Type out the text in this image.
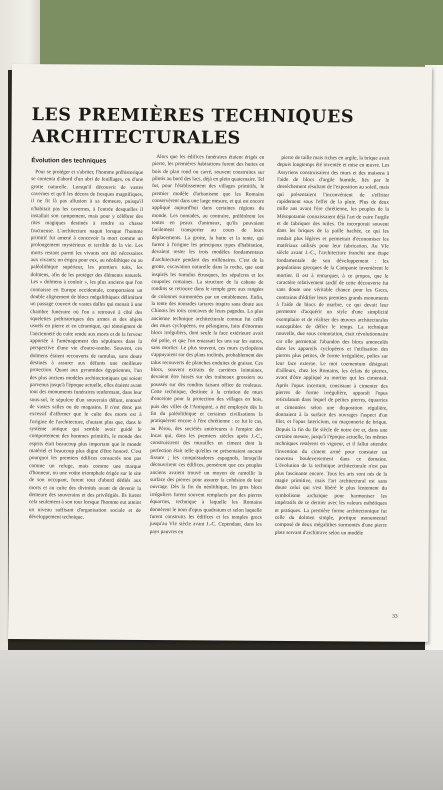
LES PREMIÈRES TECHNIQUES ARCHITECTURALES
Évolution des techniques

Pour se protéger et s'abriter, l'homme préhistorique se contenta d'abord d'un abri de feuillages, ou d'une grotte naturelle. Lorsqu'il découvrit de vastes cavernes et qu'il les décora de fresques magnifiques, il ne fit là pas allusion à sa demeure, puisqu'il n'habitait pas les cavernes, à l'entrée desquelles il installait son campement, mais pour y célébrer des rites magiques destinés à rendre sa chasse fructueuse. L'architecture naquit lorsque l'homme primitif fut amené à concevoir la mort comme un prolongement mystérieux et terrible de la vie. Les morts restant parmi les vivants ont été nécessaires aux vivants; on érigea pour eux, au néolithique ou au paléolithique supérieur, les premiers tuits, les dolmens, afin de les protéger des éléments naturels. Les « dolmens à couloir », les plus anciens que l'on connaisse en Europe occidentale, comportaient un double alignement de blocs mégalithiques délimitant un passage couvert de vastes dalles qui menait à une chambre funéraire où l'on a retrouvé à côté des squelettes préhistoriques des armes et des objets usuels en pierre et en céramique, qui témoignent de l'ancienneté du culte rendu aux morts et de la ferveur apportée à l'aménagement des sépultures dans la perspective d'une vie d'outre-tombe. Souvent, ces dolmens étaient recouverts de tumulus, sans doute destinés à assurer aux défunts une meilleure protection. Quant aux pyramides égyptiennes, l'un des plus anciens modèles architectoniques qui soient parvenus jusqu'à l'époque actuelle, elles étaient avant tout des monuments funéraires renfermant, dans leur sous-sol, le sépulcre d'un souverain défunt, entouré de vastes salles ou de magasins. Il n'est donc pas excessif d'affirmer que le culte des morts est à l'origine de l'architecture, d'autant plus que, dans le système antique qui semble avoir guidé le comportement des hommes primitifs, le monde des esprits était beaucoup plus important que le monde matériel et beaucoup plus digne d'être honoré. C'est pourquoi les premiers édifices consacrés non pas comme un refuge, mais comme une marque d'honneur, ou une voûte triomphale érigée sur le site de son occupant, furent tout d'abord dédiés aux morts et au culte des divinités avant de devenir la demeure des souverains et des privilégiés. Ils furent cela seulement à son tour lorsque l'homme eut atteint un niveau suffisant d'organisation sociale et de développement technique.

Alors que les édifices funéraires étaient érigés en pierre, les premières habitations furent des huttes en bois de plan rond ou carré, souvent construites sur pilotis au bord des lacs, déjà en plein quaternaire. Tel fut, pour l'établissement des villages primitifs, le premier modèle d'urbanisme que les Romains conservèrent dans une large mesure, et qui est encore appliqué aujourd'hui dans certaines régions du monde. Les nomades, au contraire, préférèrent les tentes en peaux d'animaux, qu'ils pouvaient facilement transporter au cours de leurs déplacements. La grotte, la hutte et la tente, qui furent à l'origine les principaux types d'habitation, devaient rester les trois modèles fondamentaux d'architecture pendant des millénaires. C'est de la grotte, excavation naturelle dans la roche, que sont inspirés les tumulus étrusques, les sépulcres et les coupoles romaines. La structure de la cabane de rondins se retrouve dans le temple grec aux rangées de colonnes surmontées par un entablement. Enfin, la tente des nomades tartares inspira sans doute aux Chinois les toits concaves de leurs pagodes. La plus ancienne technique architecturale connue fut celle des murs cyclopéens, ou pélasgiens, faits d'énormes blocs irréguliers, dont seule la face extérieure avait été polie, et que l'on entassait les uns sur les autres, sans mortier. Le plus souvent, ces murs cyclopéens s'appuyaient sur des plans inclinés, probablement des talus recouverts de planches enduites de graisse. Ces blocs, souvent extraits de carrières lointaines, devaient être hissés sur des traîneaux grossiers ou poussés sur des rondins faisant office de rouleaux. Cette technique, destinée à la création de murs d'enceinte pour la protection des villages en bois, puis des villes de l'Antiquité, a été employée dès la fin du paléolithique et certaines civilisations la pratiquèrent encore à l'ère chrétienne : ce fut le cas, au Pérou, des sociétés antérieures à l'empire des Incas qui, dans les premiers siècles après J.-C., construisirent des murailles en ciment dont la perfection était telle qu'elles ne présentaient aucune fissure ; les conquistadores espagnols, lorsqu'ils découvrirent ces édifices, pensèrent que ces peuples anciens avaient trouvé un moyen de ramollir la surface des pierres pour assurer la cohésion de leur ouvrage. Dès la fin du néolithique, les gros blocs irréguliers furent souvent remplacés par des pierres équarries, technique à laquelle les Romains donnèrent le nom d'opus quadratum et selon laquelle furent construits les édifices et les temples grecs jusqu'au VIe siècle avant J.-C. Cependant, dans les pays pauvres en

pierre de taille mais riches en argile, la brique avait depuis longtemps été inventée et mise en œuvre. Les Assyriens construisaient des murs et des maisons à l'aide de blocs d'argile humide, liés par le desséchement résultant de l'exposition au soleil, mais qui présentaient l'inconvénient de s'effriter rapidement sous l'effet de la pluie. Plus de deux mille ans avant l'ère chrétienne, les peuples de la Mésopotamie connaissaient déjà l'art de cuire l'argile et de fabriquer des tuiles. On incorporait souvent dans les briques de la paille hachée, ce qui les rendait plus légères et permettait d'économiser les matériaux utilisés pour leur fabrication. Au VIe siècle avant J.-C., l'architecture franchit une étape fondamentale de son développement : les populations grecques de la Campanie inventèrent le mortier. Il est à remarquer, à ce propos, que le caractère relativement tardif de cette découverte fut sans doute une véritable chance pour les Grecs, contraints d'édifier leurs premiers grands monuments à l'aide de blocs de marbre, ce qui devait leur permettre d'acquérir un style d'une simplicité exemplaire et de réaliser des œuvres architecturales susceptibles de défier le temps. La technique nouvelle, due sous connotation, était révolutionnaire car elle permettait l'abandon des blocs amoncelés dans les appareils cyclopéens et l'utilisation des pierres plus petites, de forme irrégulière, polies sur leur face externe. Le mot coementum désignait d'ailleurs, chez les Romains, les éclats de pierres, avant d'être appliqué au mortier qui les cimentait. Après l'opus incertum, consistant à cimenter des pierres de forme irrégulière, apparaît l'opus reticulatum dans lequel de petites pierres, équarries et cimentées selon une disposition régulière, donnaient à la surface des ouvrages l'aspect d'un filet, et l'opus latericium, ou maçonnerie de brique. Depuis la fin du IIe siècle de notre ère et, dans une certaine mesure, jusqu'à l'époque actuelle, les mêmes techniques restèrent en vigueur, et il fallut attendre l'invention du ciment armé pour constater un nouveau bouleversement dans ce domaine. L'évolution de la technique architecturale n'est pas plus fascinante encore. Tous les arts sont nés de la magie primitive, mais l'art architectural est sans doute celui qui s'est libéré le plus lentement du symbolisme archaïque pour harmoniser les impératifs de ce dernier avec les valeurs esthétiques et pratiques. La première forme architectonique fut celle du dolmen simple, portique monumental composé de deux mégalithes surmontés d'une pierre plate servant d'architrave selon un modèle

33
